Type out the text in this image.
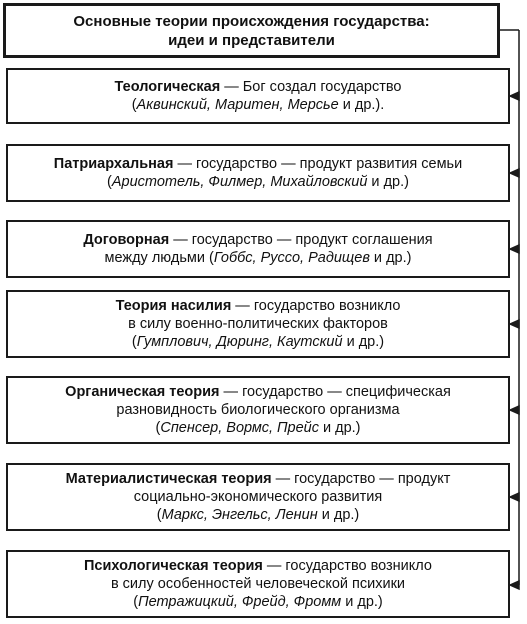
Основные теории происхождения государства:
идеи и представители
Теологическая — Бог создал государство
(Аквинский, Маритен, Мерсье и др.).
Патриархальная — государство — продукт развития семьи
(Аристотель, Филмер, Михайловский и др.)
Договорная — государство — продукт соглашения
между людьми (Гоббс, Руссо, Радищев и др.)
Теория насилия — государство возникло
в силу военно-политических факторов
(Гумплович, Дюринг, Каутский и др.)
Органическая теория — государство — специфическая
разновидность биологического организма
(Спенсер, Вормс, Прейс и др.)
Материалистическая теория — государство — продукт
социально-экономического развития
(Маркс, Энгельс, Ленин и др.)
Психологическая теория — государство возникло
в силу особенностей человеческой психики
(Петражицкий, Фрейд, Фромм и др.)
